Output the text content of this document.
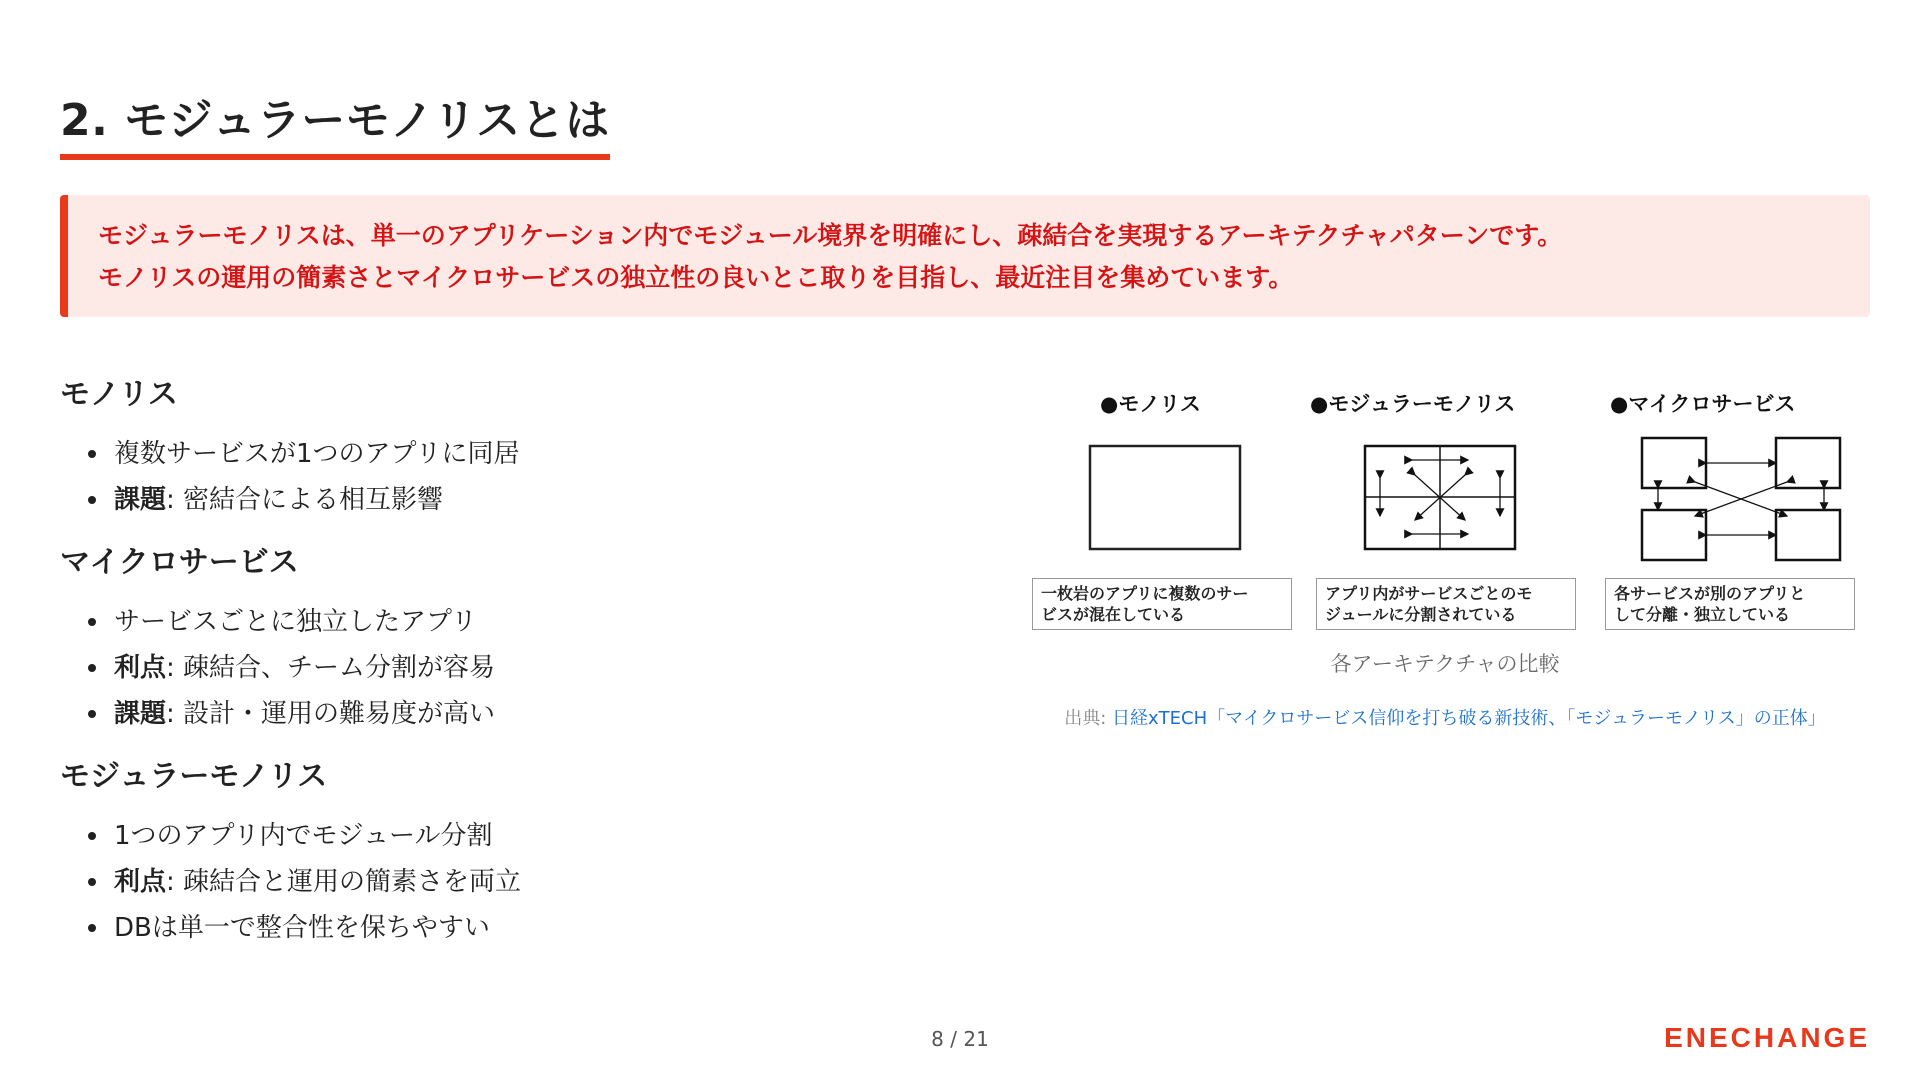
2. モジュラーモノリスとは
モジュラーモノリスは、単一のアプリケーション内でモジュール境界を明確にし、疎結合を実現するアーキテクチャパターンです。
モノリスの運用の簡素さとマイクロサービスの独立性の良いとこ取りを目指し、最近注目を集めています。
モノリス
複数サービスが1つのアプリに同居
課題: 密結合による相互影響
マイクロサービス
サービスごとに独立したアプリ
利点: 疎結合、チーム分割が容易
課題: 設計・運用の難易度が高い
モジュラーモノリス
1つのアプリ内でモジュール分割
利点: 疎結合と運用の簡素さを両立
DBは単一で整合性を保ちやすい
●モノリス	●モジュラーモノリス	●マイクロサービス
一枚岩のアプリに複数のサー
ビスが混在している
アプリ内がサービスごとのモ
ジュールに分割されている
各サービスが別のアプリと
して分離・独立している
各アーキテクチャの比較
出典: 日経xTECH「マイクロサービス信仰を打ち破る新技術、「モジュラーモノリス」の正体」
8 / 21	ENECHANGE
